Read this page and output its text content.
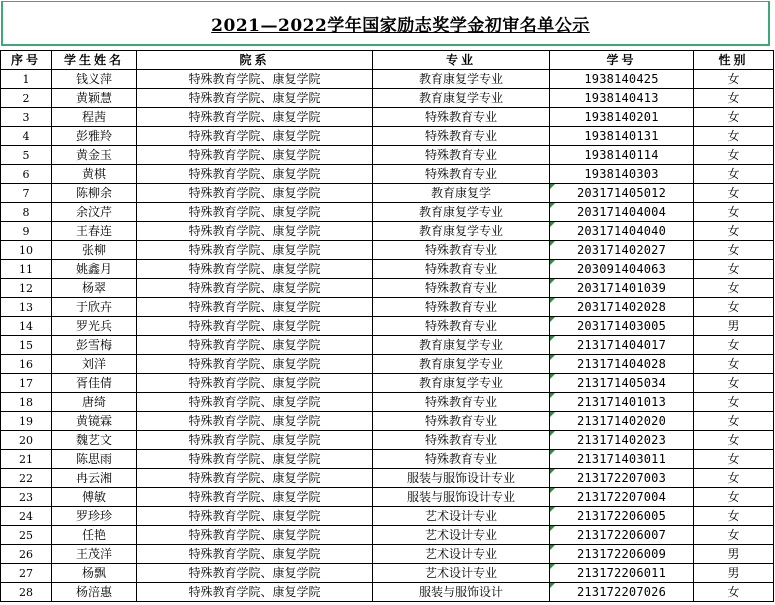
2021—2022学年国家励志奖学金初审名单公示
序号	学生姓名	院系	专业	学号	性别
1	钱义萍	特殊教育学院、康复学院	教育康复学专业	1938140425	女
2	黄颖慧	特殊教育学院、康复学院	教育康复学专业	1938140413	女
3	程茜	特殊教育学院、康复学院	特殊教育专业	1938140201	女
4	彭雅羚	特殊教育学院、康复学院	特殊教育专业	1938140131	女
5	黄金玉	特殊教育学院、康复学院	特殊教育专业	1938140114	女
6	黄棋	特殊教育学院、康复学院	特殊教育专业	1938140303	女
7	陈柳余	特殊教育学院、康复学院	教育康复学	203171405012	女
8	余汶芹	特殊教育学院、康复学院	教育康复学专业	203171404004	女
9	王春连	特殊教育学院、康复学院	教育康复学专业	203171404040	女
10	张柳	特殊教育学院、康复学院	特殊教育专业	203171402027	女
11	姚鑫月	特殊教育学院、康复学院	特殊教育专业	203091404063	女
12	杨翠	特殊教育学院、康复学院	特殊教育专业	203171401039	女
13	于欣卉	特殊教育学院、康复学院	特殊教育专业	203171402028	女
14	罗光兵	特殊教育学院、康复学院	特殊教育专业	203171403005	男
15	彭雪梅	特殊教育学院、康复学院	教育康复学专业	213171404017	女
16	刘洋	特殊教育学院、康复学院	教育康复学专业	213171404028	女
17	胥佳倩	特殊教育学院、康复学院	教育康复学专业	213171405034	女
18	唐绮	特殊教育学院、康复学院	特殊教育专业	213171401013	女
19	黄镜霖	特殊教育学院、康复学院	特殊教育专业	213171402020	女
20	魏艺文	特殊教育学院、康复学院	特殊教育专业	213171402023	女
21	陈思雨	特殊教育学院、康复学院	特殊教育专业	213171403011	女
22	冉云湘	特殊教育学院、康复学院	服装与服饰设计专业	213172207003	女
23	傅敏	特殊教育学院、康复学院	服装与服饰设计专业	213172207004	女
24	罗珍珍	特殊教育学院、康复学院	艺术设计专业	213172206005	女
25	任艳	特殊教育学院、康复学院	艺术设计专业	213172206007	女
26	王茂洋	特殊教育学院、康复学院	艺术设计专业	213172206009	男
27	杨飘	特殊教育学院、康复学院	艺术设计专业	213172206011	男
28	杨涪惠	特殊教育学院、康复学院	服装与服饰设计	213172207026	女
